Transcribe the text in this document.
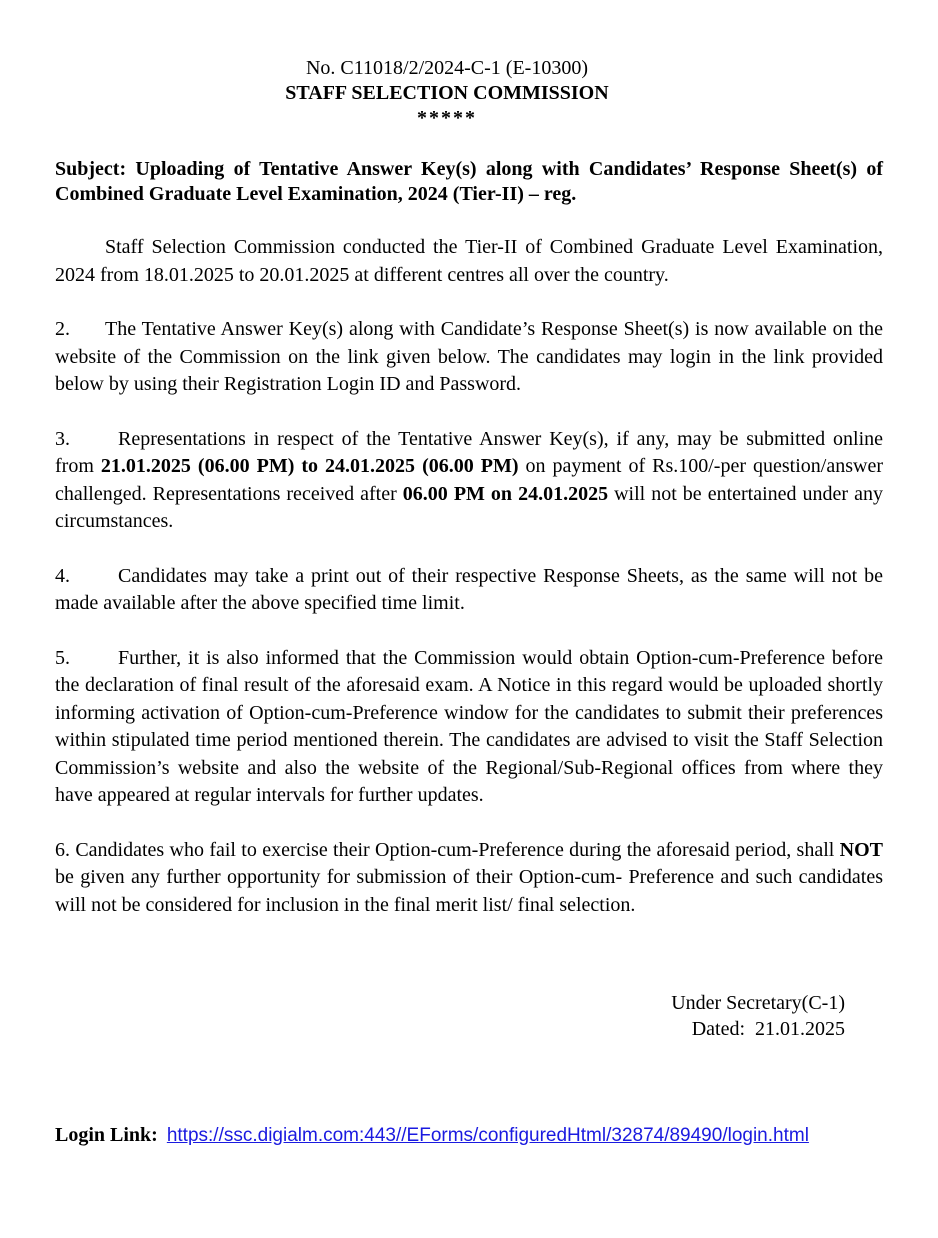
No. C11018/2/2024-C-1 (E-10300)
STAFF SELECTION COMMISSION
*****
Subject: Uploading of Tentative Answer Key(s) along with Candidates’ Response Sheet(s) of Combined Graduate Level Examination, 2024 (Tier-II) – reg.

Staff Selection Commission conducted the Tier-II of Combined Graduate Level Examination, 2024 from 18.01.2025 to 20.01.2025 at different centres all over the country.

2. The Tentative Answer Key(s) along with Candidate’s Response Sheet(s) is now available on the website of the Commission on the link given below. The candidates may login in the link provided below by using their Registration Login ID and Password.

3. Representations in respect of the Tentative Answer Key(s), if any, may be submitted online from 21.01.2025 (06.00 PM) to 24.01.2025 (06.00 PM) on payment of Rs.100/-per question/answer challenged. Representations received after 06.00 PM on 24.01.2025 will not be entertained under any circumstances.

4. Candidates may take a print out of their respective Response Sheets, as the same will not be made available after the above specified time limit.

5. Further, it is also informed that the Commission would obtain Option-cum-Preference before the declaration of final result of the aforesaid exam. A Notice in this regard would be uploaded shortly informing activation of Option-cum-Preference window for the candidates to submit their preferences within stipulated time period mentioned therein. The candidates are advised to visit the Staff Selection Commission’s website and also the website of the Regional/Sub-Regional offices from where they have appeared at regular intervals for further updates.

6. Candidates who fail to exercise their Option-cum-Preference during the aforesaid period, shall NOT be given any further opportunity for submission of their Option-cum- Preference and such candidates will not be considered for inclusion in the final merit list/ final selection.

Under Secretary(C-1)
Dated:  21.01.2025
Login Link: https://ssc.digialm.com:443//EForms/configuredHtml/32874/89490/login.html
